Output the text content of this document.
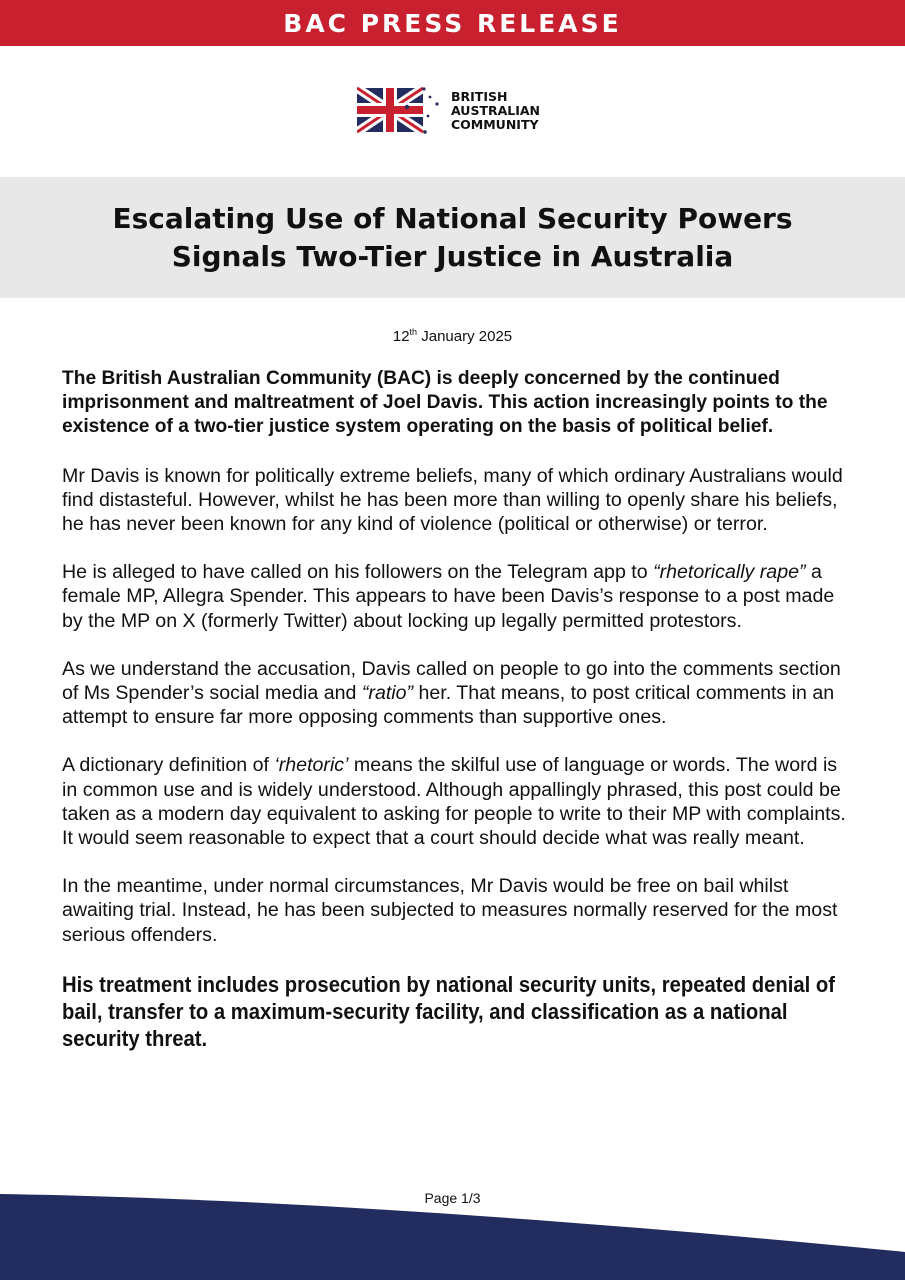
BAC PRESS RELEASE
BRITISH
AUSTRALIAN
COMMUNITY
Escalating Use of National Security Powers
Signals Two-Tier Justice in Australia
12th January 2025

The British Australian Community (BAC) is deeply concerned by the continued imprisonment and maltreatment of Joel Davis. This action increasingly points to the existence of a two-tier justice system operating on the basis of political belief.

Mr Davis is known for politically extreme beliefs, many of which ordinary Australians would find distasteful. However, whilst he has been more than willing to openly share his beliefs, he has never been known for any kind of violence (political or otherwise) or terror.

He is alleged to have called on his followers on the Telegram app to “rhetorically rape” a female MP, Allegra Spender. This appears to have been Davis’s response to a post made by the MP on X (formerly Twitter) about locking up legally permitted protestors.

As we understand the accusation, Davis called on people to go into the comments section of Ms Spender’s social media and “ratio” her. That means, to post critical comments in an attempt to ensure far more opposing comments than supportive ones.

A dictionary definition of ‘rhetoric’ means the skilful use of language or words. The word is in common use and is widely understood. Although appallingly phrased, this post could be taken as a modern day equivalent to asking for people to write to their MP with complaints. It would seem reasonable to expect that a court should decide what was really meant.

In the meantime, under normal circumstances, Mr Davis would be free on bail whilst awaiting trial. Instead, he has been subjected to measures normally reserved for the most serious offenders.

His treatment includes prosecution by national security units, repeated denial of bail, transfer to a maximum-security facility, and classification as a national security threat.

Page 1/3
